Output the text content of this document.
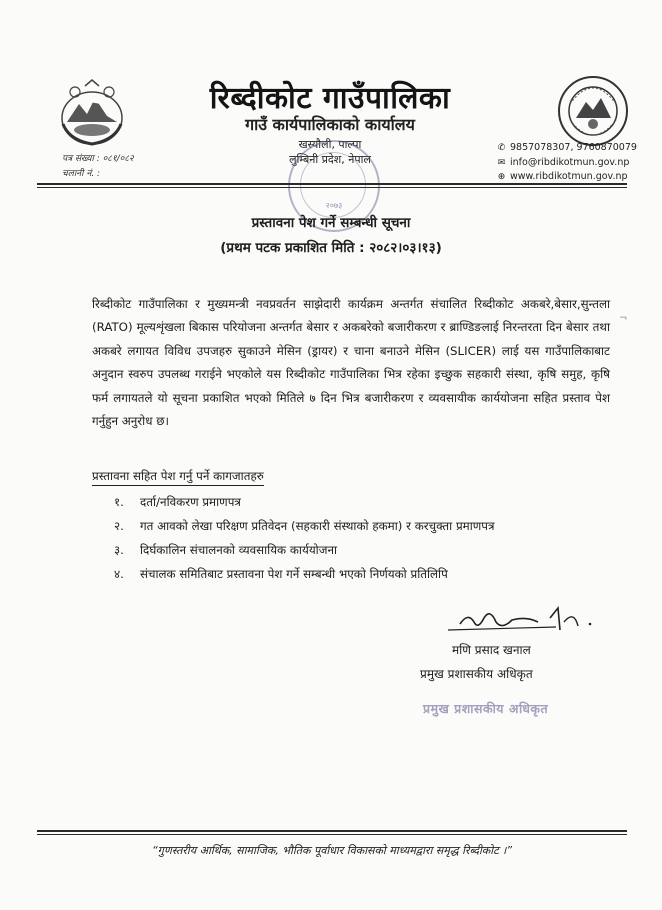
रिब्दीकोट गाउँपालिका
गाउँ कार्यपालिकाको कार्यालय
खस्यौली, पाल्पा
लुम्बिनी प्रदेश, नेपाल
२०७३
पत्र संख्या : ०८१/०८२
चलानी नं. :
✆ 9857078307, 9760870079
✉ info@ribdikotmun.gov.np
⊕ www.ribdikotmun.gov.np
प्रस्तावना पेश गर्ने सम्बन्धी सूचना
(प्रथम पटक प्रकाशित मिति : २०८२।०३।१३)

रिब्दीकोट गाउँपालिका र मुख्यमन्त्री नवप्रवर्तन साझेदारी कार्यक्रम अन्तर्गत संचालित रिब्दीकोट अकबरे,बेसार,सुन्तला (RATO) मूल्यशृंखला बिकास परियोजना अन्तर्गत बेसार र अकबरेको बजारीकरण र ब्राण्डिङलाई निरन्तरता दिन बेसार तथा अकबरे लगायत विविध उपजहरु सुकाउने मेसिन (ड्रायर) र चाना बनाउने मेसिन (SLICER) लाई यस गाउँपालिकाबाट अनुदान स्वरुप उपलब्ध गराईने भएकोले यस रिब्दीकोट गाउँपालिका भित्र रहेका इच्छुक सहकारी संस्था, कृषि समुह, कृषि फर्म लगायतले यो सूचना प्रकाशित भएको मितिले ७ दिन भित्र बजारीकरण र व्यवसायीक कार्ययोजना सहित प्रस्ताव पेश गर्नुहुन अनुरोध छ।

¬
प्रस्तावना सहित पेश गर्नु पर्ने कागजातहरु
१.	दर्ता/नविकरण प्रमाणपत्र
२.	गत आवको लेखा परिक्षण प्रतिवेदन (सहकारी संस्थाको हकमा) र करचुक्ता प्रमाणपत्र
३.	दिर्घकालिन संचालनको व्यवसायिक कार्ययोजना
४.	संचालक समितिबाट प्रस्तावना पेश गर्ने सम्बन्धी भएको निर्णयको प्रतिलिपि
मणि प्रसाद खनाल
प्रमुख प्रशासकीय अधिकृत
प्रमुख प्रशासकीय अधिकृत
“गुणस्तरीय आर्थिक, सामाजिक, भौतिक पूर्वाधार विकासको माध्यमद्वारा समृद्ध रिब्दीकोट ।”
